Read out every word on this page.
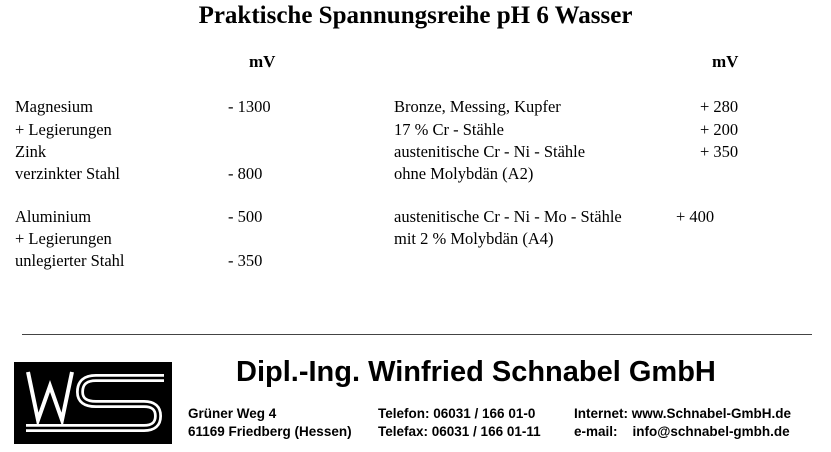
Praktische Spannungsreihe pH 6 Wasser
mV	mV
Magnesium	- 1300
+ Legierungen
Zink
verzinkter Stahl	- 800
Aluminium	- 500
+ Legierungen
unlegierter Stahl	- 350
Bronze, Messing, Kupfer	+ 280
17 % Cr - Stähle	+ 200
austenitische Cr - Ni - Stähle	+ 350
ohne Molybdän (A2)
austenitische Cr - Ni - Mo - Stähle	+ 400
mit 2 % Molybdän (A4)
Dipl.-Ing. Winfried Schnabel GmbH
Grüner Weg 4
61169 Friedberg (Hessen)
Telefon: 06031 / 166 01-0
Telefax: 06031 / 166 01-11
Internet: www.Schnabel-GmbH.de
e-mail:    info@schnabel-gmbh.de
